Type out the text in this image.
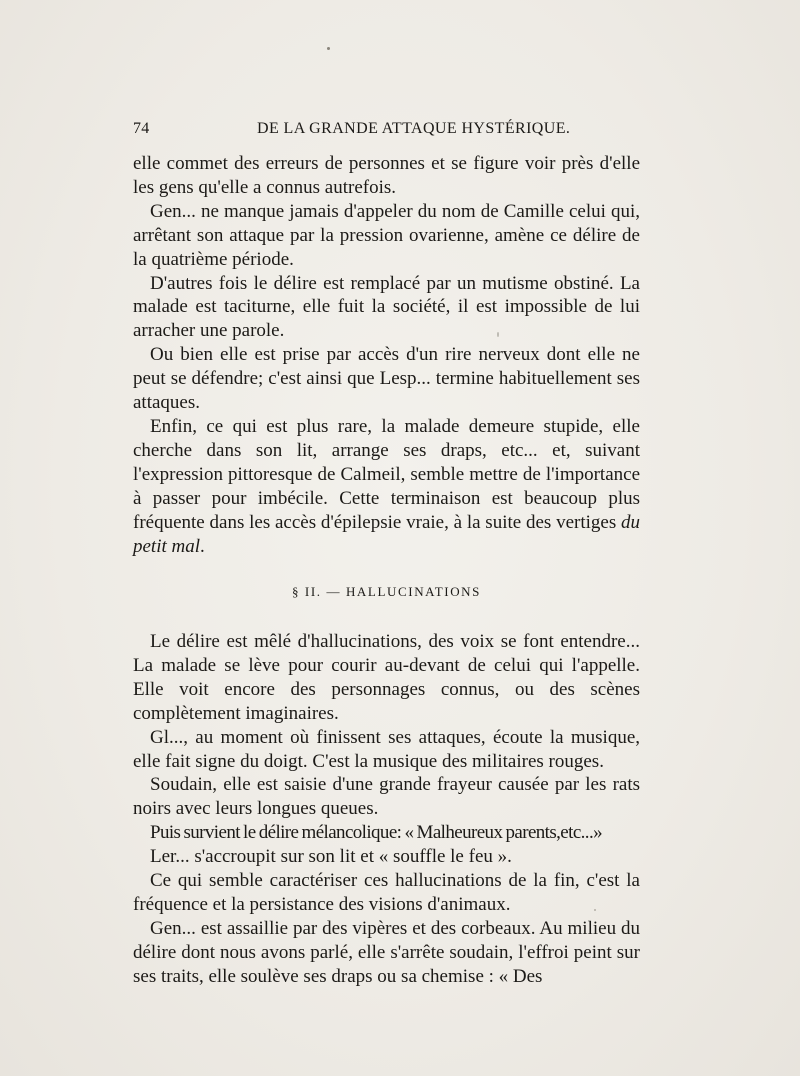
74	DE LA GRANDE ATTAQUE HYSTÉRIQUE.

elle commet des erreurs de personnes et se figure voir près d'elle les gens qu'elle a connus autrefois.

Gen... ne manque jamais d'appeler du nom de Camille celui qui, arrêtant son attaque par la pression ovarienne, amène ce délire de la quatrième période.

D'autres fois le délire est remplacé par un mutisme obstiné. La malade est taciturne, elle fuit la société, il est impossible de lui arracher une parole.

Ou bien elle est prise par accès d'un rire nerveux dont elle ne peut se défendre; c'est ainsi que Lesp... termine habituellement ses attaques.

Enfin, ce qui est plus rare, la malade demeure stupide, elle cherche dans son lit, arrange ses draps, etc... et, suivant l'expression pittoresque de Calmeil, semble mettre de l'importance à passer pour imbécile. Cette terminaison est beaucoup plus fréquente dans les accès d'épilepsie vraie, à la suite des vertiges du petit mal.

§ II. — HALLUCINATIONS

Le délire est mêlé d'hallucinations, des voix se font entendre... La malade se lève pour courir au-devant de celui qui l'appelle. Elle voit encore des personnages connus, ou des scènes complètement imaginaires.

Gl..., au moment où finissent ses attaques, écoute la musique, elle fait signe du doigt. C'est la musique des militaires rouges.

Soudain, elle est saisie d'une grande frayeur causée par les rats noirs avec leurs longues queues.

Puis survient le délire mélancolique: « Malheureux parents,etc...»

Ler... s'accroupit sur son lit et « souffle le feu ».

Ce qui semble caractériser ces hallucinations de la fin, c'est la fréquence et la persistance des visions d'animaux.

Gen... est assaillie par des vipères et des corbeaux. Au milieu du délire dont nous avons parlé, elle s'arrête soudain, l'effroi peint sur ses traits, elle soulève ses draps ou sa chemise : « Des
